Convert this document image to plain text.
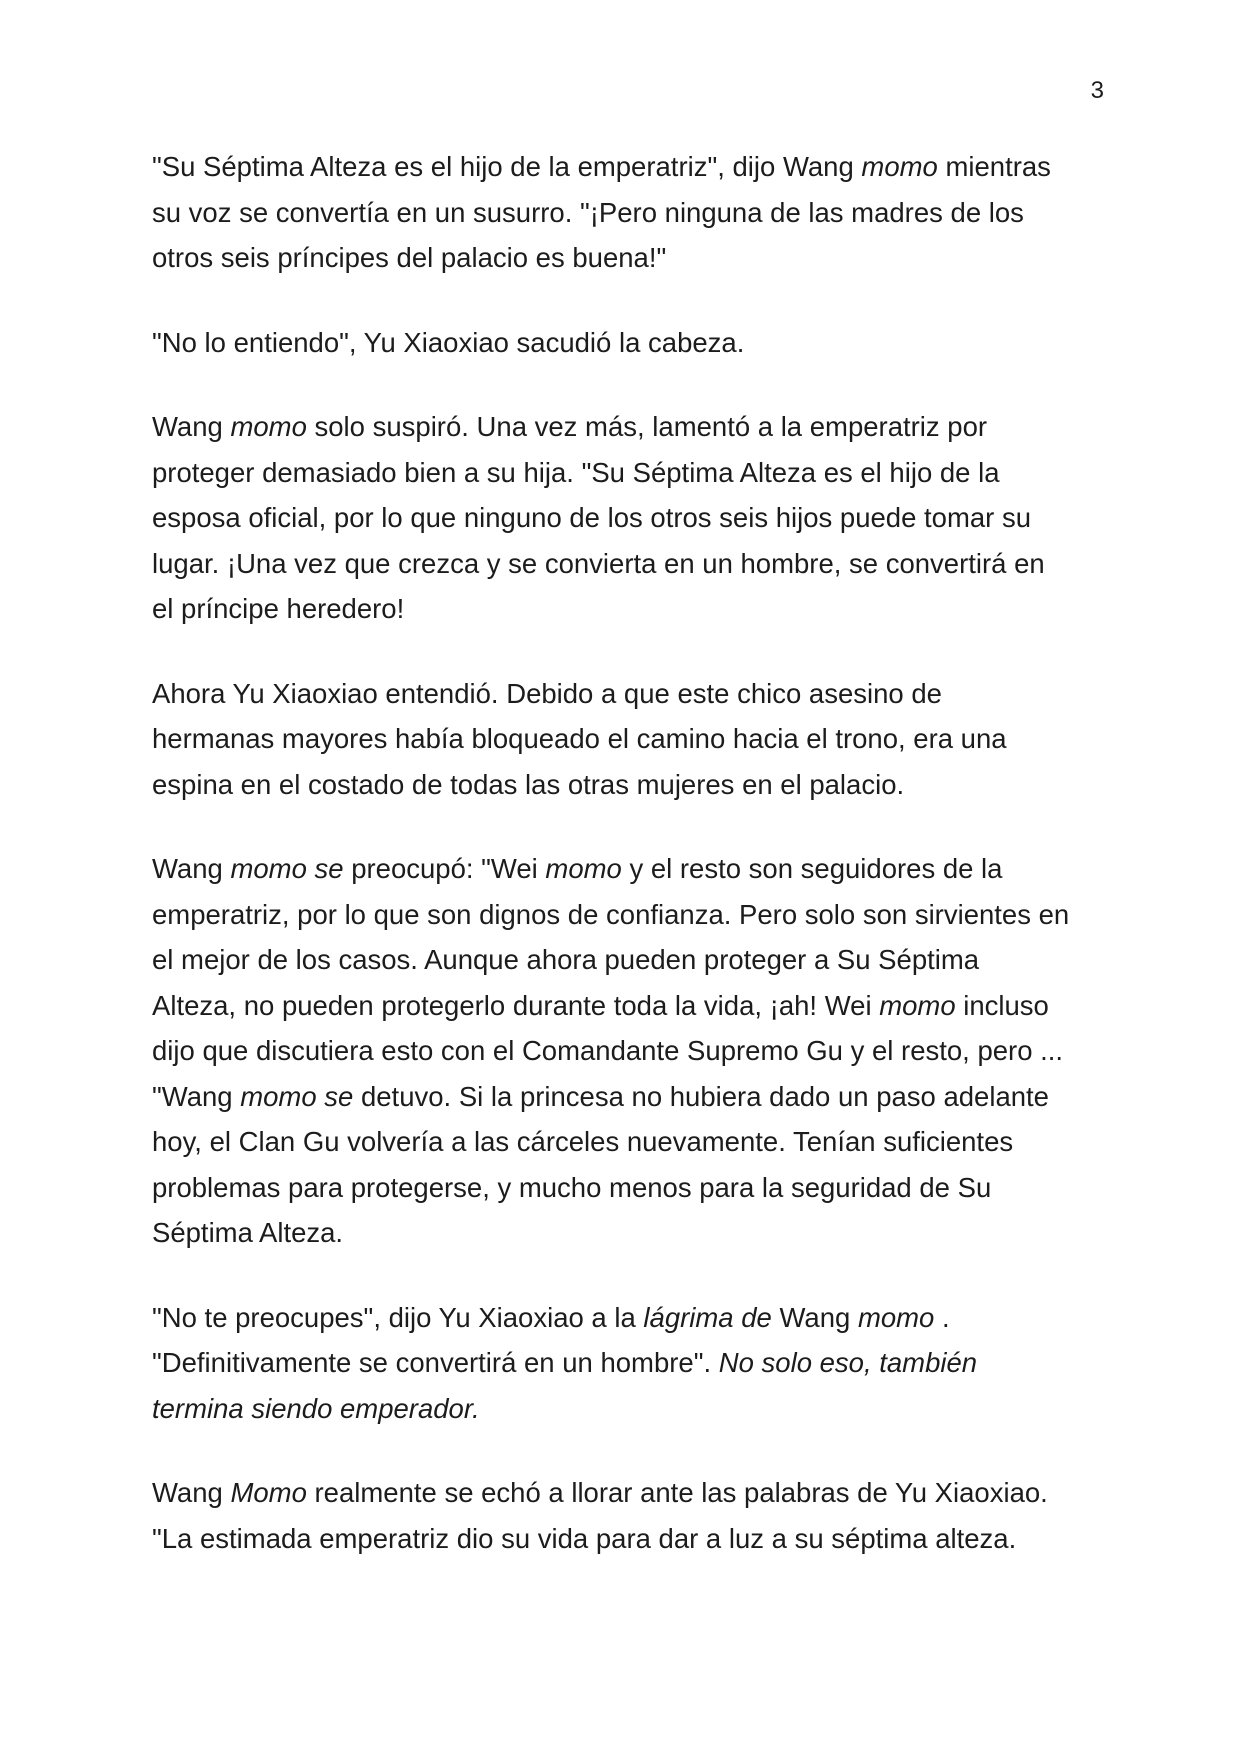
3

"Su Séptima Alteza es el hijo de la emperatriz", dijo Wang momo mientras
su voz se convertía en un susurro. "¡Pero ninguna de las madres de los
otros seis príncipes del palacio es buena!"

"No lo entiendo", Yu Xiaoxiao sacudió la cabeza.

Wang momo solo suspiró. Una vez más, lamentó a la emperatriz por
proteger demasiado bien a su hija. "Su Séptima Alteza es el hijo de la
esposa oficial, por lo que ninguno de los otros seis hijos puede tomar su
lugar. ¡Una vez que crezca y se convierta en un hombre, se convertirá en
el príncipe heredero!

Ahora Yu Xiaoxiao entendió. Debido a que este chico asesino de
hermanas mayores había bloqueado el camino hacia el trono, era una
espina en el costado de todas las otras mujeres en el palacio.

Wang momo se preocupó: "Wei momo y el resto son seguidores de la
emperatriz, por lo que son dignos de confianza. Pero solo son sirvientes en
el mejor de los casos. Aunque ahora pueden proteger a Su Séptima
Alteza, no pueden protegerlo durante toda la vida, ¡ah! Wei momo incluso
dijo que discutiera esto con el Comandante Supremo Gu y el resto, pero ...
"Wang momo se detuvo. Si la princesa no hubiera dado un paso adelante
hoy, el Clan Gu volvería a las cárceles nuevamente. Tenían suficientes
problemas para protegerse, y mucho menos para la seguridad de Su
Séptima Alteza.

"No te preocupes", dijo Yu Xiaoxiao a la lágrima de Wang momo .
"Definitivamente se convertirá en un hombre". No solo eso, también
termina siendo emperador.

Wang Momo realmente se echó a llorar ante las palabras de Yu Xiaoxiao.
"La estimada emperatriz dio su vida para dar a luz a su séptima alteza.
